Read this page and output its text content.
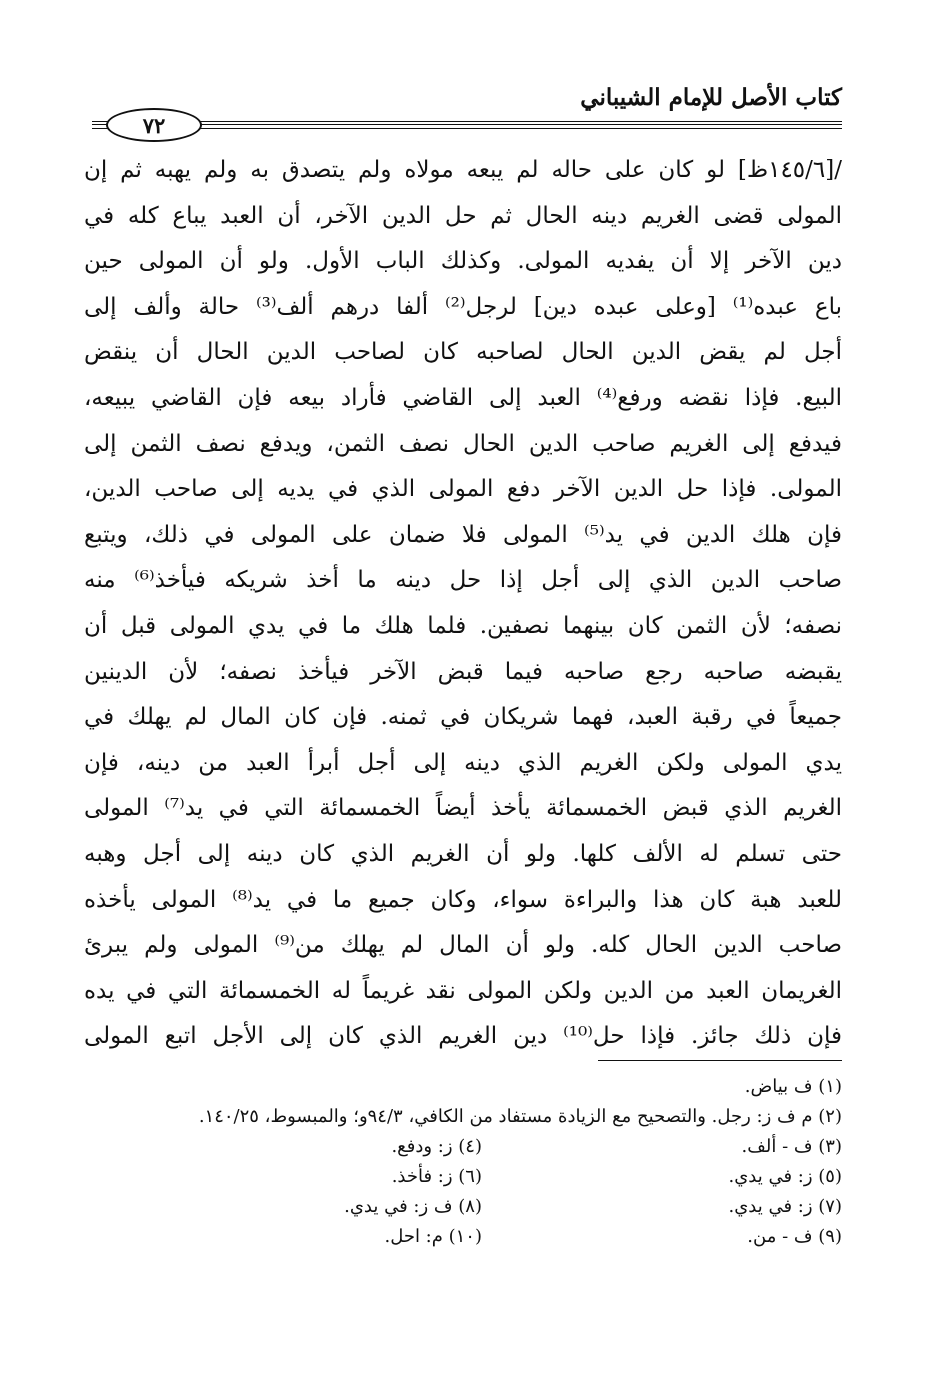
كتاب الأصل للإمام الشيباني
٧٢
/[١٤٥/٦ظ] لو كان على حاله لم يبعه مولاه ولم يتصدق به ولم يهبه ثم إن
المولى قضى الغريم دينه الحال ثم حل الدين الآخر، أن العبد يباع كله في
دين الآخر إلا أن يفديه المولى. وكذلك الباب الأول. ولو أن المولى حين
باع عبده⁽¹⁾ [وعلى عبده دين] لرجل⁽²⁾ ألفا درهم ألف⁽³⁾ حالة وألف إلى
أجل لم يقض الدين الحال لصاحبه كان لصاحب الدين الحال أن ينقض
البيع. فإذا نقضه ورفع⁽⁴⁾ العبد إلى القاضي فأراد بيعه فإن القاضي يبيعه،
فيدفع إلى الغريم صاحب الدين الحال نصف الثمن، ويدفع نصف الثمن إلى
المولى. فإذا حل الدين الآخر دفع المولى الذي في يديه إلى صاحب الدين،
فإن هلك الدين في يد⁽⁵⁾ المولى فلا ضمان على المولى في ذلك، ويتبع
صاحب الدين الذي إلى أجل إذا حل دينه ما أخذ شريكه فيأخذ⁽⁶⁾ منه
نصفه؛ لأن الثمن كان بينهما نصفين. فلما هلك ما في يدي المولى قبل أن
يقبضه صاحبه رجع صاحبه فيما قبض الآخر فيأخذ نصفه؛ لأن الدينين
جميعاً في رقبة العبد، فهما شريكان في ثمنه. فإن كان المال لم يهلك في
يدي المولى ولكن الغريم الذي دينه إلى أجل أبرأ العبد من دينه، فإن
الغريم الذي قبض الخمسمائة يأخذ أيضاً الخمسمائة التي في يد⁽⁷⁾ المولى
حتى تسلم له الألف كلها. ولو أن الغريم الذي كان دينه إلى أجل وهبه
للعبد هبة كان هذا والبراءة سواء، وكان جميع ما في يد⁽⁸⁾ المولى يأخذه
صاحب الدين الحال كله. ولو أن المال لم يهلك من⁽⁹⁾ المولى ولم يبرئ
الغريمان العبد من الدين ولكن المولى نقد غريماً له الخمسمائة التي في يده
فإن ذلك جائز. فإذا حل⁽¹⁰⁾ دين الغريم الذي كان إلى الأجل اتبع المولى
(١) ف بياض.
(٢) م ف ز: رجل. والتصحيح مع الزيادة مستفاد من الكافي، ٩٤/٣و؛ والمبسوط، ١٤٠/٢٥.
(٣) ف - ألف.
(٤) ز: ودفع.
(٥) ز: في يدي.
(٦) ز: فأخذ.
(٧) ز: في يدي.
(٨) ف ز: في يدي.
(٩) ف - من.
(١٠) م: احل.
